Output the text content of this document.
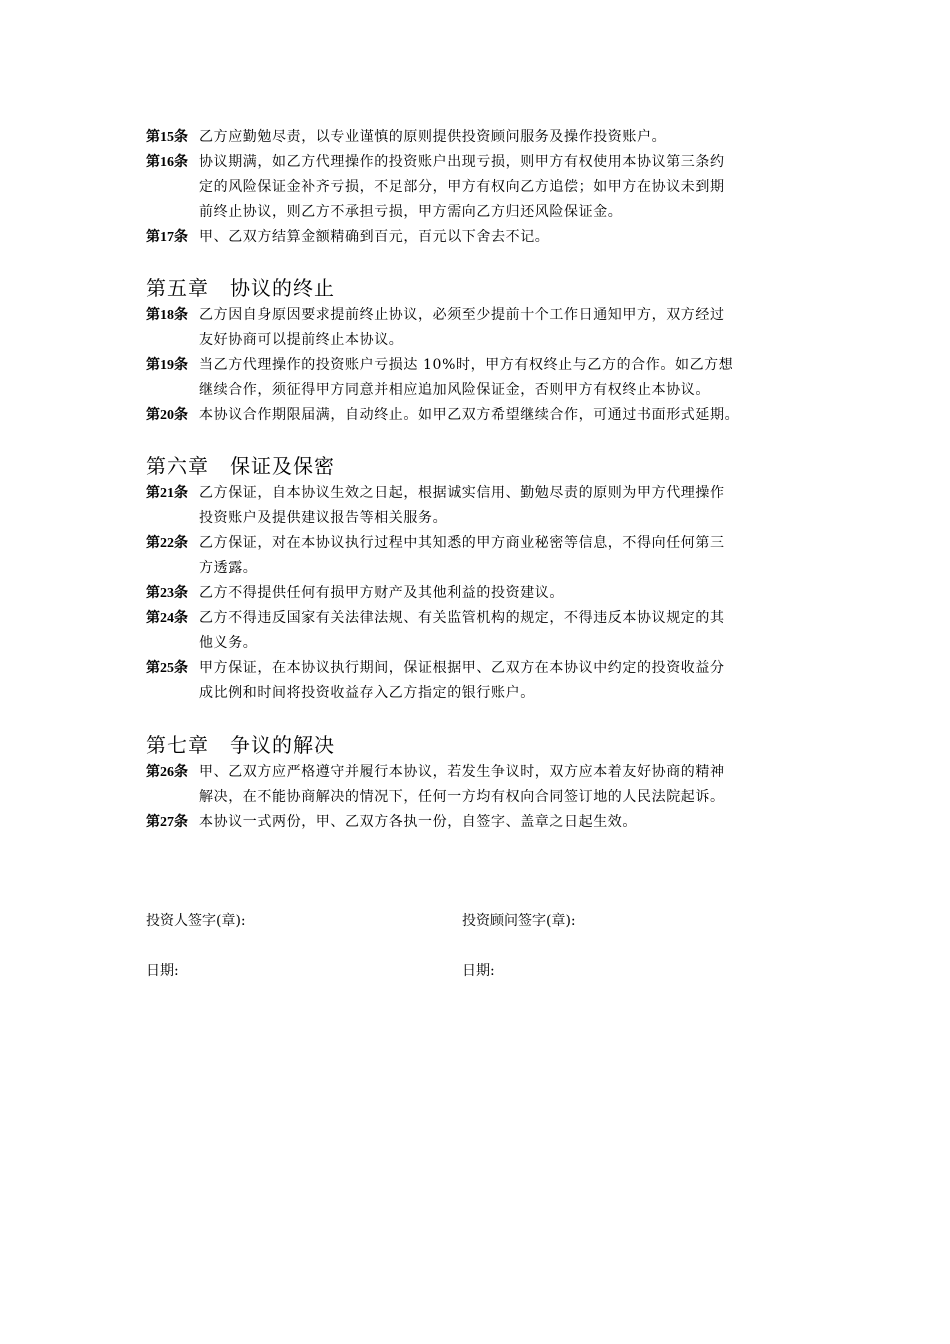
第15条 乙方应勤勉尽责，以专业谨慎的原则提供投资顾问服务及操作投资账户。
第16条 协议期满，如乙方代理操作的投资账户出现亏损，则甲方有权使用本协议第三条约
定的风险保证金补齐亏损，不足部分，甲方有权向乙方追偿；如甲方在协议未到期
前终止协议，则乙方不承担亏损，甲方需向乙方归还风险保证金。
第17条 甲、乙双方结算金额精确到百元，百元以下舍去不记。
第五章　协议的终止
第18条 乙方因自身原因要求提前终止协议，必须至少提前十个工作日通知甲方，双方经过
友好协商可以提前终止本协议。
第19条 当乙方代理操作的投资账户亏损达 10%时，甲方有权终止与乙方的合作。如乙方想
继续合作，须征得甲方同意并相应追加风险保证金，否则甲方有权终止本协议。
第20条 本协议合作期限届满，自动终止。如甲乙双方希望继续合作，可通过书面形式延期。
第六章　保证及保密
第21条 乙方保证，自本协议生效之日起，根据诚实信用、勤勉尽责的原则为甲方代理操作
投资账户及提供建议报告等相关服务。
第22条 乙方保证，对在本协议执行过程中其知悉的甲方商业秘密等信息，不得向任何第三
方透露。
第23条 乙方不得提供任何有损甲方财产及其他利益的投资建议。
第24条 乙方不得违反国家有关法律法规、有关监管机构的规定，不得违反本协议规定的其
他义务。
第25条 甲方保证，在本协议执行期间，保证根据甲、乙双方在本协议中约定的投资收益分
成比例和时间将投资收益存入乙方指定的银行账户。
第七章　争议的解决
第26条 甲、乙双方应严格遵守并履行本协议，若发生争议时，双方应本着友好协商的精神
解决，在不能协商解决的情况下，任何一方均有权向合同签订地的人民法院起诉。
第27条 本协议一式两份，甲、乙双方各执一份，自签字、盖章之日起生效。
投资人签字(章):	投资顾问签字(章):
日期:	日期:
